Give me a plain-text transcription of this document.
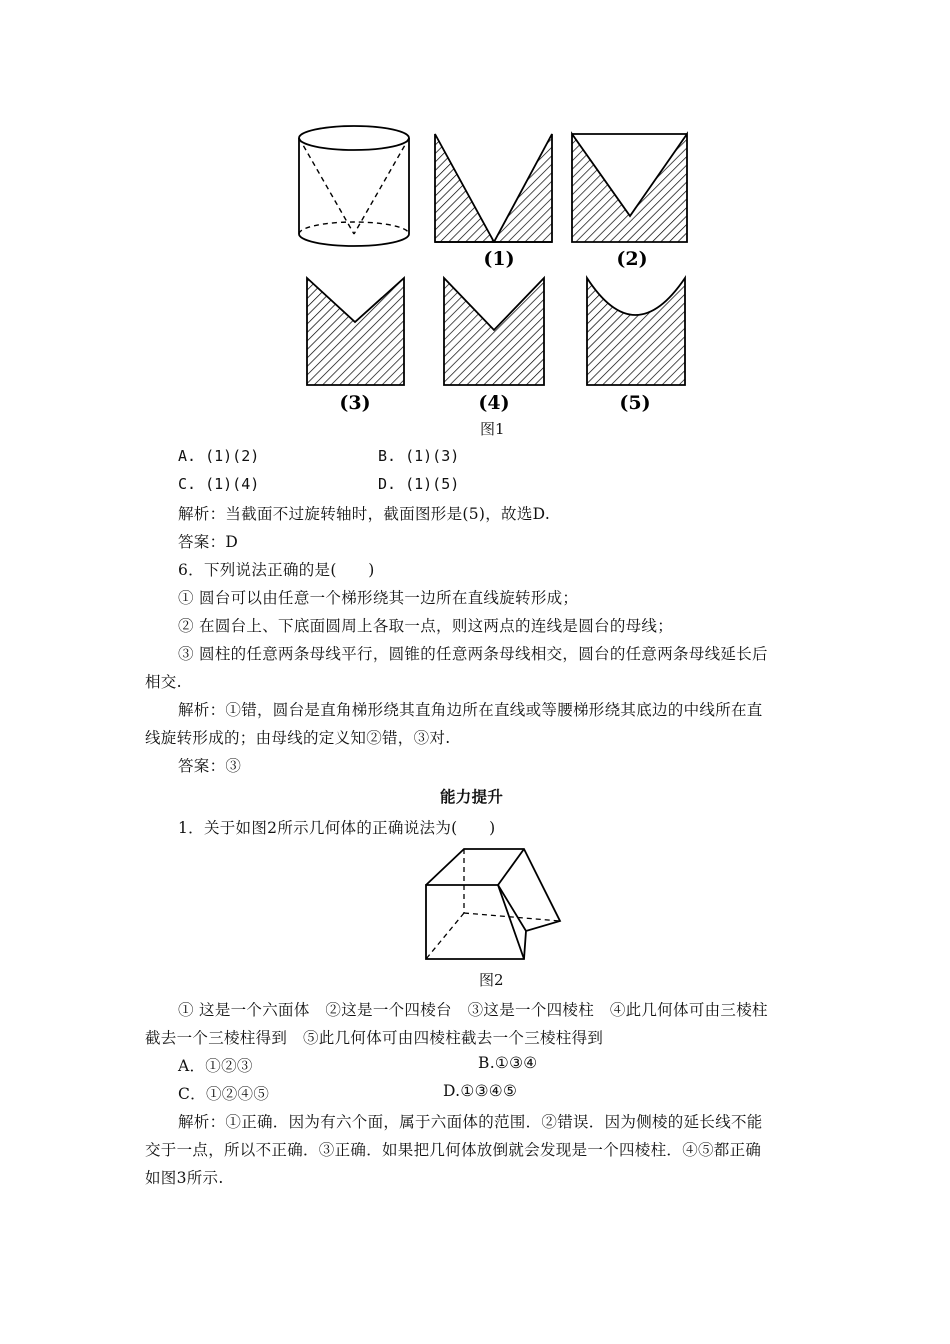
(1)	(2)
(3)	(4)	(5)
图1
A. (1)(2)	B. (1)(3)
C. (1)(4)	D. (1)(5)
解析：当截面不过旋转轴时，截面图形是(5)，故选D.
答案：D
6．下列说法正确的是(　　)
① 圆台可以由任意一个梯形绕其一边所在直线旋转形成；
② 在圆台上、下底面圆周上各取一点，则这两点的连线是圆台的母线；
③ 圆柱的任意两条母线平行，圆锥的任意两条母线相交，圆台的任意两条母线延长后
相交.
解析：①错，圆台是直角梯形绕其直角边所在直线或等腰梯形绕其底边的中线所在直
线旋转形成的；由母线的定义知②错，③对.
答案：③
能力提升
1．关于如图2所示几何体的正确说法为(　　)
图2
① 这是一个六面体　②这是一个四棱台　③这是一个四棱柱　④此几何体可由三棱柱
截去一个三棱柱得到　⑤此几何体可由四棱柱截去一个三棱柱得到
A．①②③	B.①③④
C．①②④⑤	D.①③④⑤
解析：①正确．因为有六个面，属于六面体的范围．②错误．因为侧棱的延长线不能
交于一点，所以不正确．③正确．如果把几何体放倒就会发现是一个四棱柱．④⑤都正确
如图3所示.
